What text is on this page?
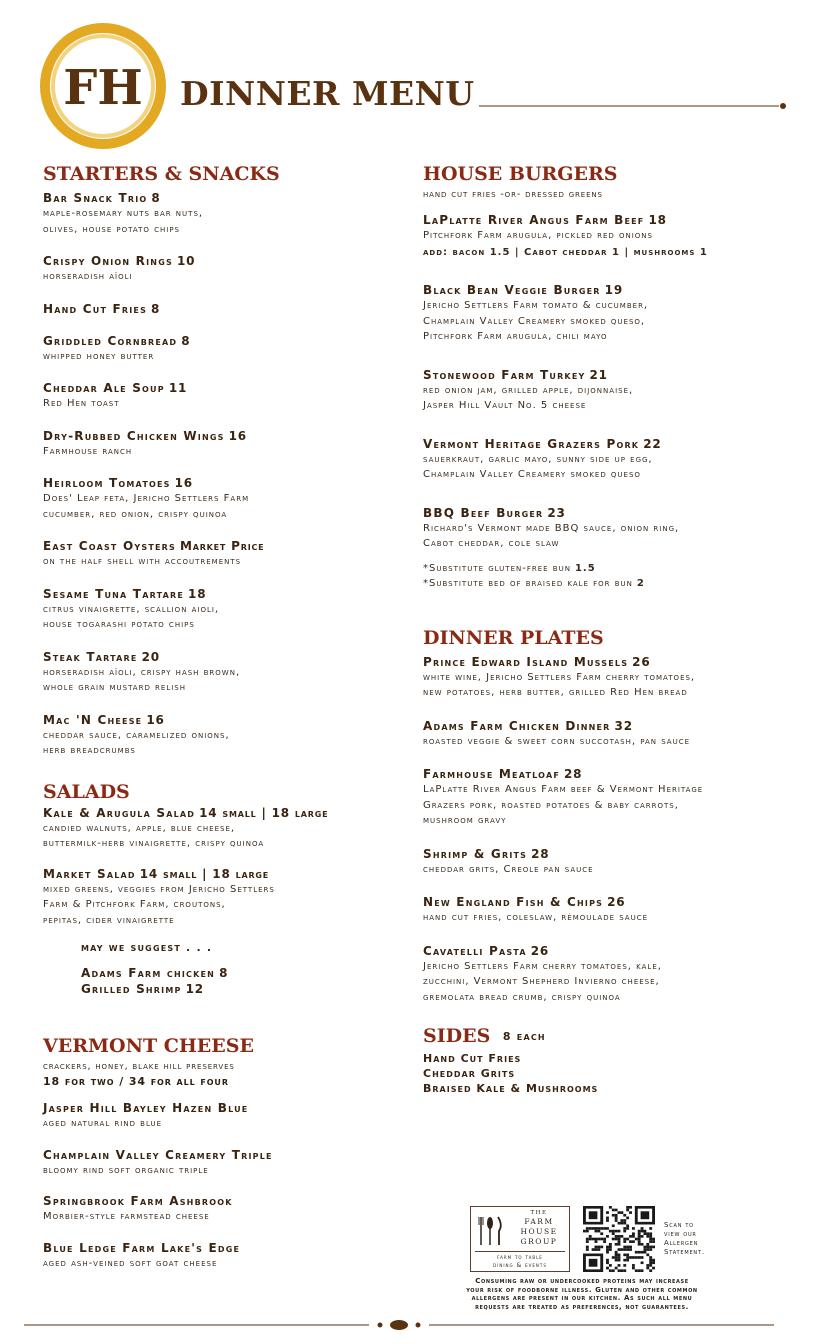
FH DINNER MENU
STARTERS & SNACKS
Bar Snack Trio 8
maple-rosemary nuts bar nuts,
olives, house potato chips
Crispy Onion Rings 10
horseradish aïoli
Hand Cut Fries 8
Griddled Cornbread 8
whipped honey butter
Cheddar Ale Soup 11
Red Hen toast
Dry-Rubbed Chicken Wings 16
Farmhouse ranch
Heirloom Tomatoes 16
Does' Leap feta, Jericho Settlers Farm
cucumber, red onion, crispy quinoa
East Coast Oysters Market Price
on the half shell with accoutrements
Sesame Tuna Tartare 18
citrus vinaigrette, scallion aioli,
house togarashi potato chips
Steak Tartare 20
horseradish aïoli, crispy hash brown,
whole grain mustard relish
Mac 'N Cheese 16
cheddar sauce, caramelized onions,
herb breadcrumbs
SALADS
Kale & Arugula Salad 14 small | 18 large
candied walnuts, apple, blue cheese,
buttermilk-herb vinaigrette, crispy quinoa
Market Salad 14 small | 18 large
mixed greens, veggies from Jericho Settlers
Farm & Pitchfork Farm, croutons,
pepitas, cider vinaigrette
may we suggest . . .
Adams Farm chicken 8
Grilled Shrimp 12
VERMONT CHEESE
crackers, honey, blake hill preserves
18 for two / 34 for all four
Jasper Hill Bayley Hazen Blue
aged natural rind blue
Champlain Valley Creamery Triple
bloomy rind soft organic triple
Springbrook Farm Ashbrook
Morbier-style farmstead cheese
Blue Ledge Farm Lake's Edge
aged ash-veined soft goat cheese
HOUSE BURGERS
hand cut fries -or- dressed greens
LaPlatte River Angus Farm Beef 18
Pitchfork Farm arugula, pickled red onions
add: bacon 1.5 | Cabot cheddar 1 | mushrooms 1
Black Bean Veggie Burger 19
Jericho Settlers Farm tomato & cucumber,
Champlain Valley Creamery smoked queso,
Pitchfork Farm arugula, chili mayo
Stonewood Farm Turkey 21
red onion jam, grilled apple, dijonnaise,
Jasper Hill Vault No. 5 cheese
Vermont Heritage Grazers Pork 22
sauerkraut, garlic mayo, sunny side up egg,
Champlain Valley Creamery smoked queso
BBQ Beef Burger 23
Richard's Vermont made BBQ sauce, onion ring,
Cabot cheddar, cole slaw
*Substitute gluten-free bun 1.5
*Substitute bed of braised kale for bun 2
DINNER PLATES
Prince Edward Island Mussels 26
white wine, Jericho Settlers Farm cherry tomatoes,
new potatoes, herb butter, grilled Red Hen bread
Adams Farm Chicken Dinner 32
roasted veggie & sweet corn succotash, pan sauce
Farmhouse Meatloaf 28
LaPlatte River Angus Farm beef & Vermont Heritage
Grazers pork, roasted potatoes & baby carrots,
mushroom gravy
Shrimp & Grits 28
cheddar grits, Creole pan sauce
New England Fish & Chips 26
hand cut fries, coleslaw, rémoulade sauce
Cavatelli Pasta 26
Jericho Settlers Farm cherry tomatoes, kale,
zucchini, Vermont Shepherd Invierno cheese,
gremolata bread crumb, crispy quinoa
SIDES 8 each
Hand Cut Fries
Cheddar Grits
Braised Kale & Mushrooms
THE
FARM
HOUSE
GROUP
farm to table
dining & events
Scan to
view our
Allergen
Statement.
Consuming raw or undercooked proteins may increase
your risk of foodborne illness. Gluten and other common
allergens are present in our kitchen. As such all menu
requests are treated as preferences, not guarantees.
